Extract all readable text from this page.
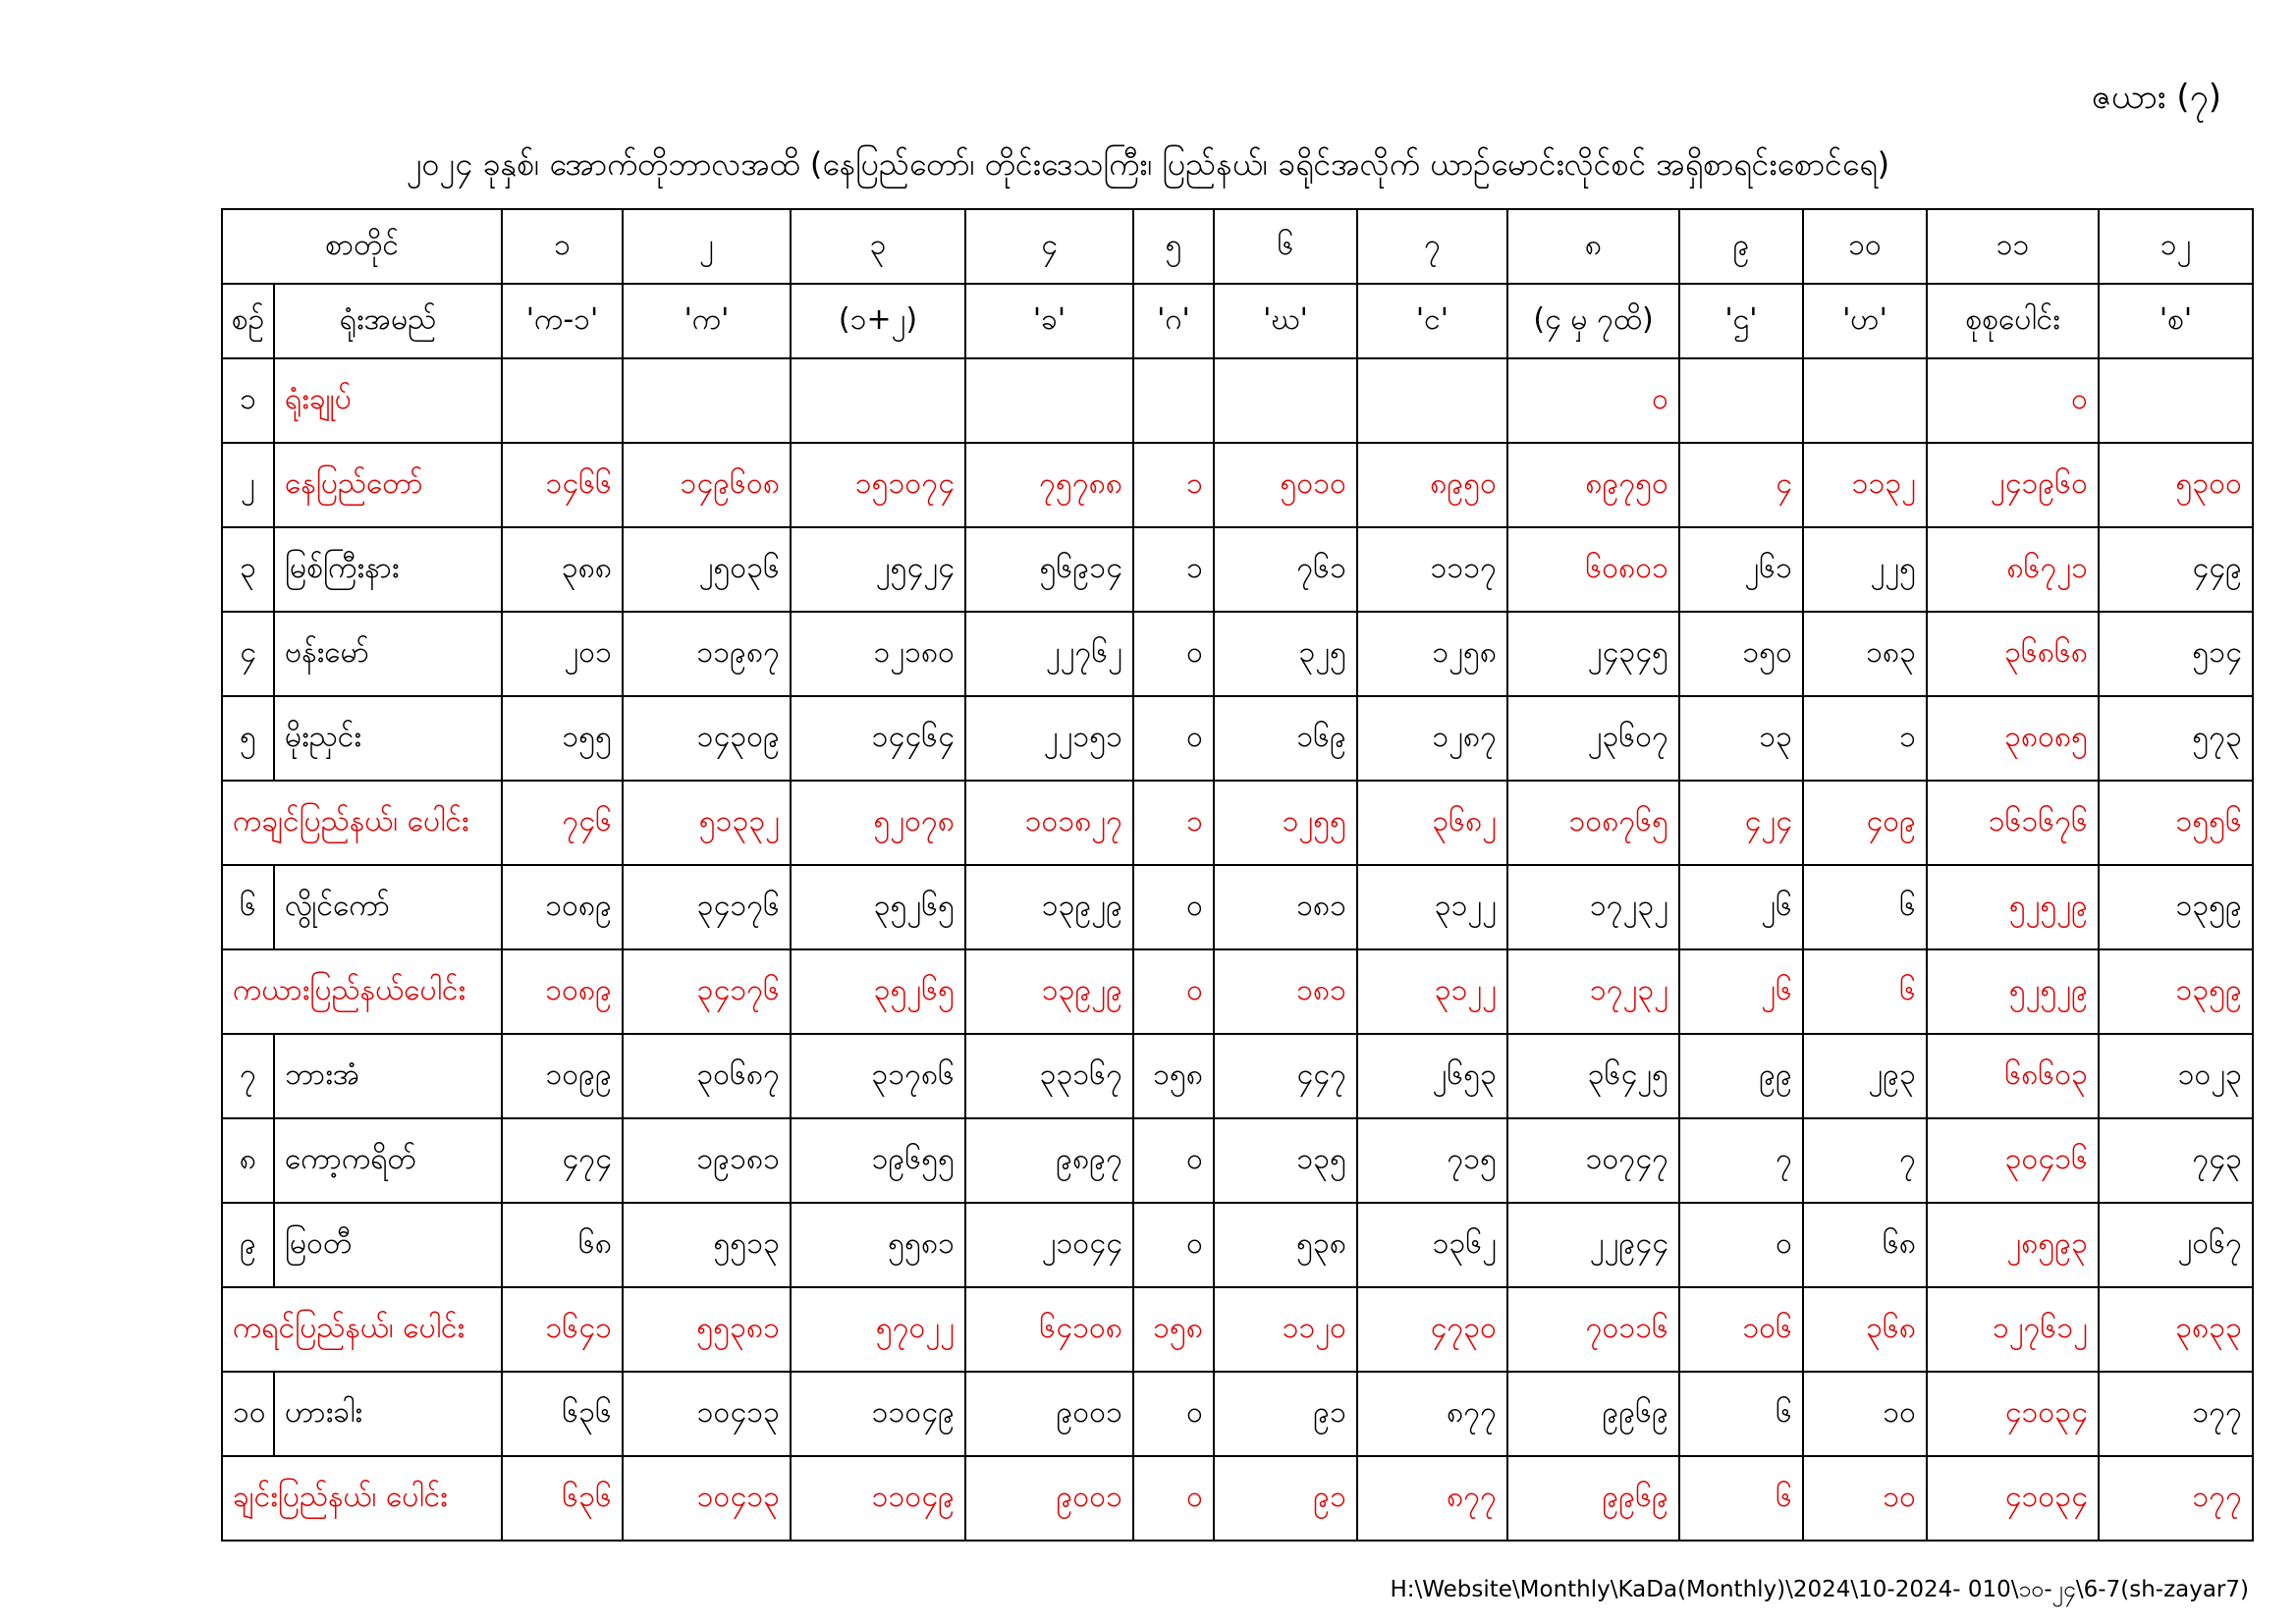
ဇယား (၇)
၂၀၂၄ ခုနှစ်၊ အောက်တိုဘာလအထိ (နေပြည်တော်၊ တိုင်းဒေသကြီး၊ ပြည်နယ်၊ ခရိုင်အလိုက် ယာဉ်မောင်းလိုင်စင် အရှိစာရင်းစောင်ရေ)
စာတိုင်		၁	၂	၃	၄	၅	၆	၇	၈	၉	၁၀	၁၁	၁၂
စဉ်	ရုံးအမည်	'က-၁'	'က'	(၁+၂)	'ခ'	'ဂ'	'ဃ'	'င'	(၄ မှ ၇ထိ)	'ဌ'	'ဟ'	စုစုပေါင်း	'စ'
၁	ရုံးချုပ်								၀			၀	
၂	နေပြည်တော်	၁၄၆၆	၁၄၉၆၀၈	၁၅၁၀၇၄	၇၅၇၈၈	၁	၅၀၁၀	၈၉၅၀	၈၉၇၅၀	၄	၁၁၃၂	၂၄၁၉၆၀	၅၃၀၀
၃	မြစ်ကြီးနား	၃၈၈	၂၅၀၃၆	၂၅၄၂၄	၅၆၉၁၄	၁	၇၆၁	၁၁၁၇	၆၀၈၀၁	၂၆၁	၂၂၅	၈၆၇၂၁	၄၄၉
၄	ဗန်းမော်	၂၀၁	၁၁၉၈၇	၁၂၁၈၀	၂၂၇၆၂	၀	၃၂၅	၁၂၅၈	၂၄၃၄၅	၁၅၀	၁၈၃	၃၆၈၆၈	၅၁၄
၅	မိုးညှင်း	၁၅၅	၁၄၃၀၉	၁၄၄၆၄	၂၂၁၅၁	၀	၁၆၉	၁၂၈၇	၂၃၆၀၇	၁၃	၁	၃၈၀၈၅	၅၇၃
ကချင်ပြည်နယ်၊ ပေါင်း		၇၄၆	၅၁၃၃၂	၅၂၀၇၈	၁၀၁၈၂၇	၁	၁၂၅၅	၃၆၈၂	၁၀၈၇၆၅	၄၂၄	၄၀၉	၁၆၁၆၇၆	၁၅၅၆
၆	လွိုင်ကော်	၁၀၈၉	၃၄၁၇၆	၃၅၂၆၅	၁၃၉၂၉	၀	၁၈၁	၃၁၂၂	၁၇၂၃၂	၂၆	၆	၅၂၅၂၉	၁၃၅၉
ကယားပြည်နယ်ပေါင်း		၁၀၈၉	၃၄၁၇၆	၃၅၂၆၅	၁၃၉၂၉	၀	၁၈၁	၃၁၂၂	၁၇၂၃၂	၂၆	၆	၅၂၅၂၉	၁၃၅၉
၇	ဘားအံ	၁၀၉၉	၃၀၆၈၇	၃၁၇၈၆	၃၃၁၆၇	၁၅၈	၄၄၇	၂၆၅၃	၃၆၄၂၅	၉၉	၂၉၃	၆၈၆၀၃	၁၀၂၃
၈	ကော့ကရိတ်	၄၇၄	၁၉၁၈၁	၁၉၆၅၅	၉၈၉၇	၀	၁၃၅	၇၁၅	၁၀၇၄၇	၇	၇	၃၀၄၁၆	၇၄၃
၉	မြဝတီ	၆၈	၅၅၁၃	၅၅၈၁	၂၁၀၄၄	၀	၅၃၈	၁၃၆၂	၂၂၉၄၄	၀	၆၈	၂၈၅၉၃	၂၀၆၇
ကရင်ပြည်နယ်၊ ပေါင်း		၁၆၄၁	၅၅၃၈၁	၅၇၀၂၂	၆၄၁၀၈	၁၅၈	၁၁၂၀	၄၇၃၀	၇၀၁၁၆	၁၀၆	၃၆၈	၁၂၇၆၁၂	၃၈၃၃
၁၀	ဟားခါး	၆၃၆	၁၀၄၁၃	၁၁၀၄၉	၉၀၀၁	၀	၉၁	၈၇၇	၉၉၆၉	၆	၁၀	၄၁၀၃၄	၁၇၇
ချင်းပြည်နယ်၊ ပေါင်း		၆၃၆	၁၀၄၁၃	၁၁၀၄၉	၉၀၀၁	၀	၉၁	၈၇၇	၉၉၆၉	၆	၁၀	၄၁၀၃၄	၁၇၇
H:\Website\Monthly\KaDa(Monthly)\2024\10-2024- 010\၁၀-၂၄\6-7(sh-zayar7)
